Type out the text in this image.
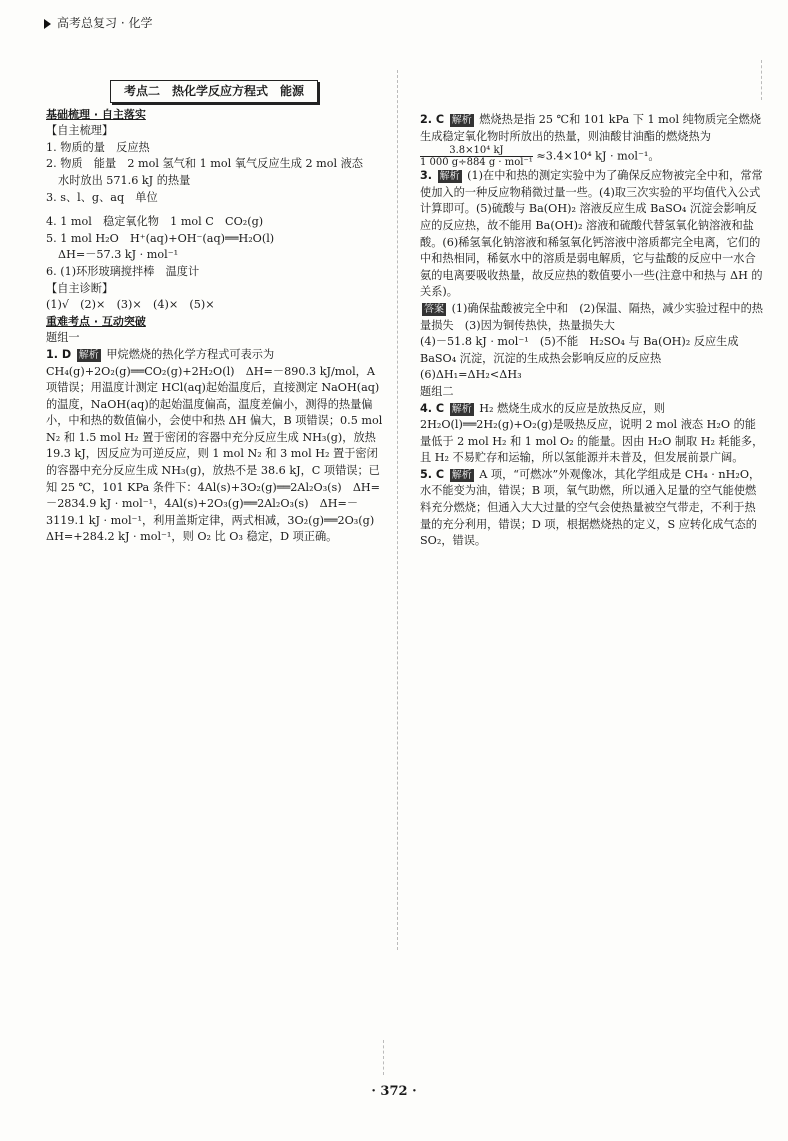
高考总复习 · 化学
考点二　热化学反应方程式　能源

基础梳理 · 自主落实

【自主梳理】

1. 物质的量　反应热

2. 物质　能量　2 mol 氢气和 1 mol 氧气反应生成 2 mol 液态

水时放出 571.6 kJ 的热量

3. s、l、g、aq　单位

4. 1 mol　稳定氧化物　1 mol C　CO₂(g)

5. 1 mol H₂O　H⁺(aq)+OH⁻(aq)══H₂O(l)

ΔH=－57.3 kJ · mol⁻¹

6. (1)环形玻璃搅拌棒　温度计

【自主诊断】

(1)√　(2)×　(3)×　(4)×　(5)×

重难考点 · 互动突破

题组一

1. D 解析 甲烷燃烧的热化学方程式可表示为 CH₄(g)+2O₂(g)══CO₂(g)+2H₂O(l)　ΔH=－890.3 kJ/mol，A 项错误；用温度计测定 HCl(aq)起始温度后，直接测定 NaOH(aq)的温度，NaOH(aq)的起始温度偏高，温度差偏小，测得的热量偏小，中和热的数值偏小，会使中和热 ΔH 偏大，B 项错误；0.5 mol N₂ 和 1.5 mol H₂ 置于密闭的容器中充分反应生成 NH₃(g)，放热 19.3 kJ，因反应为可逆反应，则 1 mol N₂ 和 3 mol H₂ 置于密闭的容器中充分反应生成 NH₃(g)，放热不是 38.6 kJ，C 项错误；已知 25 ℃，101 KPa 条件下：4Al(s)+3O₂(g)══2Al₂O₃(s)　ΔH=－2834.9 kJ · mol⁻¹，4Al(s)+2O₃(g)══2Al₂O₃(s)　ΔH=－3119.1 kJ · mol⁻¹，利用盖斯定律，两式相减，3O₂(g)══2O₃(g)　ΔH=+284.2 kJ · mol⁻¹，则 O₂ 比 O₃ 稳定，D 项正确。

2. C 解析 燃烧热是指 25 ℃和 101 kPa 下 1 mol 纯物质完全燃烧生成稳定氧化物时所放出的热量，则油酸甘油酯的燃烧热为
$\frac{\text{3.8×10⁴ kJ}}{\text{1 000 g÷884 g · mol⁻¹}} \approx 3.4\times 10^4$ kJ · mol⁻¹。

3. 解析 (1)在中和热的测定实验中为了确保反应物被完全中和，常常使加入的一种反应物稍微过量一些。(4)取三次实验的平均值代入公式计算即可。(5)硫酸与 Ba(OH)₂ 溶液反应生成 BaSO₄ 沉淀会影响反应的反应热，故不能用 Ba(OH)₂ 溶液和硫酸代替氢氧化钠溶液和盐酸。(6)稀氢氧化钠溶液和稀氢氧化钙溶液中溶质都完全电离，它们的中和热相同，稀氨水中的溶质是弱电解质，它与盐酸的反应中一水合氨的电离要吸收热量，故反应热的数值要小一些(注意中和热与 ΔH 的关系)。

答案 (1)确保盐酸被完全中和　(2)保温、隔热，减少实验过程中的热量损失　(3)因为铜传热快，热量损失大

(4)－51.8 kJ · mol⁻¹　(5)不能　H₂SO₄ 与 Ba(OH)₂ 反应生成 BaSO₄ 沉淀，沉淀的生成热会影响反应的反应热

(6)ΔH₁=ΔH₂<ΔH₃

题组二

4. C 解析 H₂ 燃烧生成水的反应是放热反应，则 2H₂O(l)══2H₂(g)+O₂(g)是吸热反应，说明 2 mol 液态 H₂O 的能量低于 2 mol H₂ 和 1 mol O₂ 的能量。因由 H₂O 制取 H₂ 耗能多，且 H₂ 不易贮存和运输，所以氢能源并未普及，但发展前景广阔。

5. C 解析 A 项，“可燃冰”外观像冰，其化学组成是 CH₄ · nH₂O，水不能变为油，错误；B 项，氧气助燃，所以通入足量的空气能使燃料充分燃烧；但通入大大过量的空气会使热量被空气带走，不利于热量的充分利用，错误；D 项，根据燃烧热的定义，S 应转化成气态的 SO₂，错误。

· 372 ·
